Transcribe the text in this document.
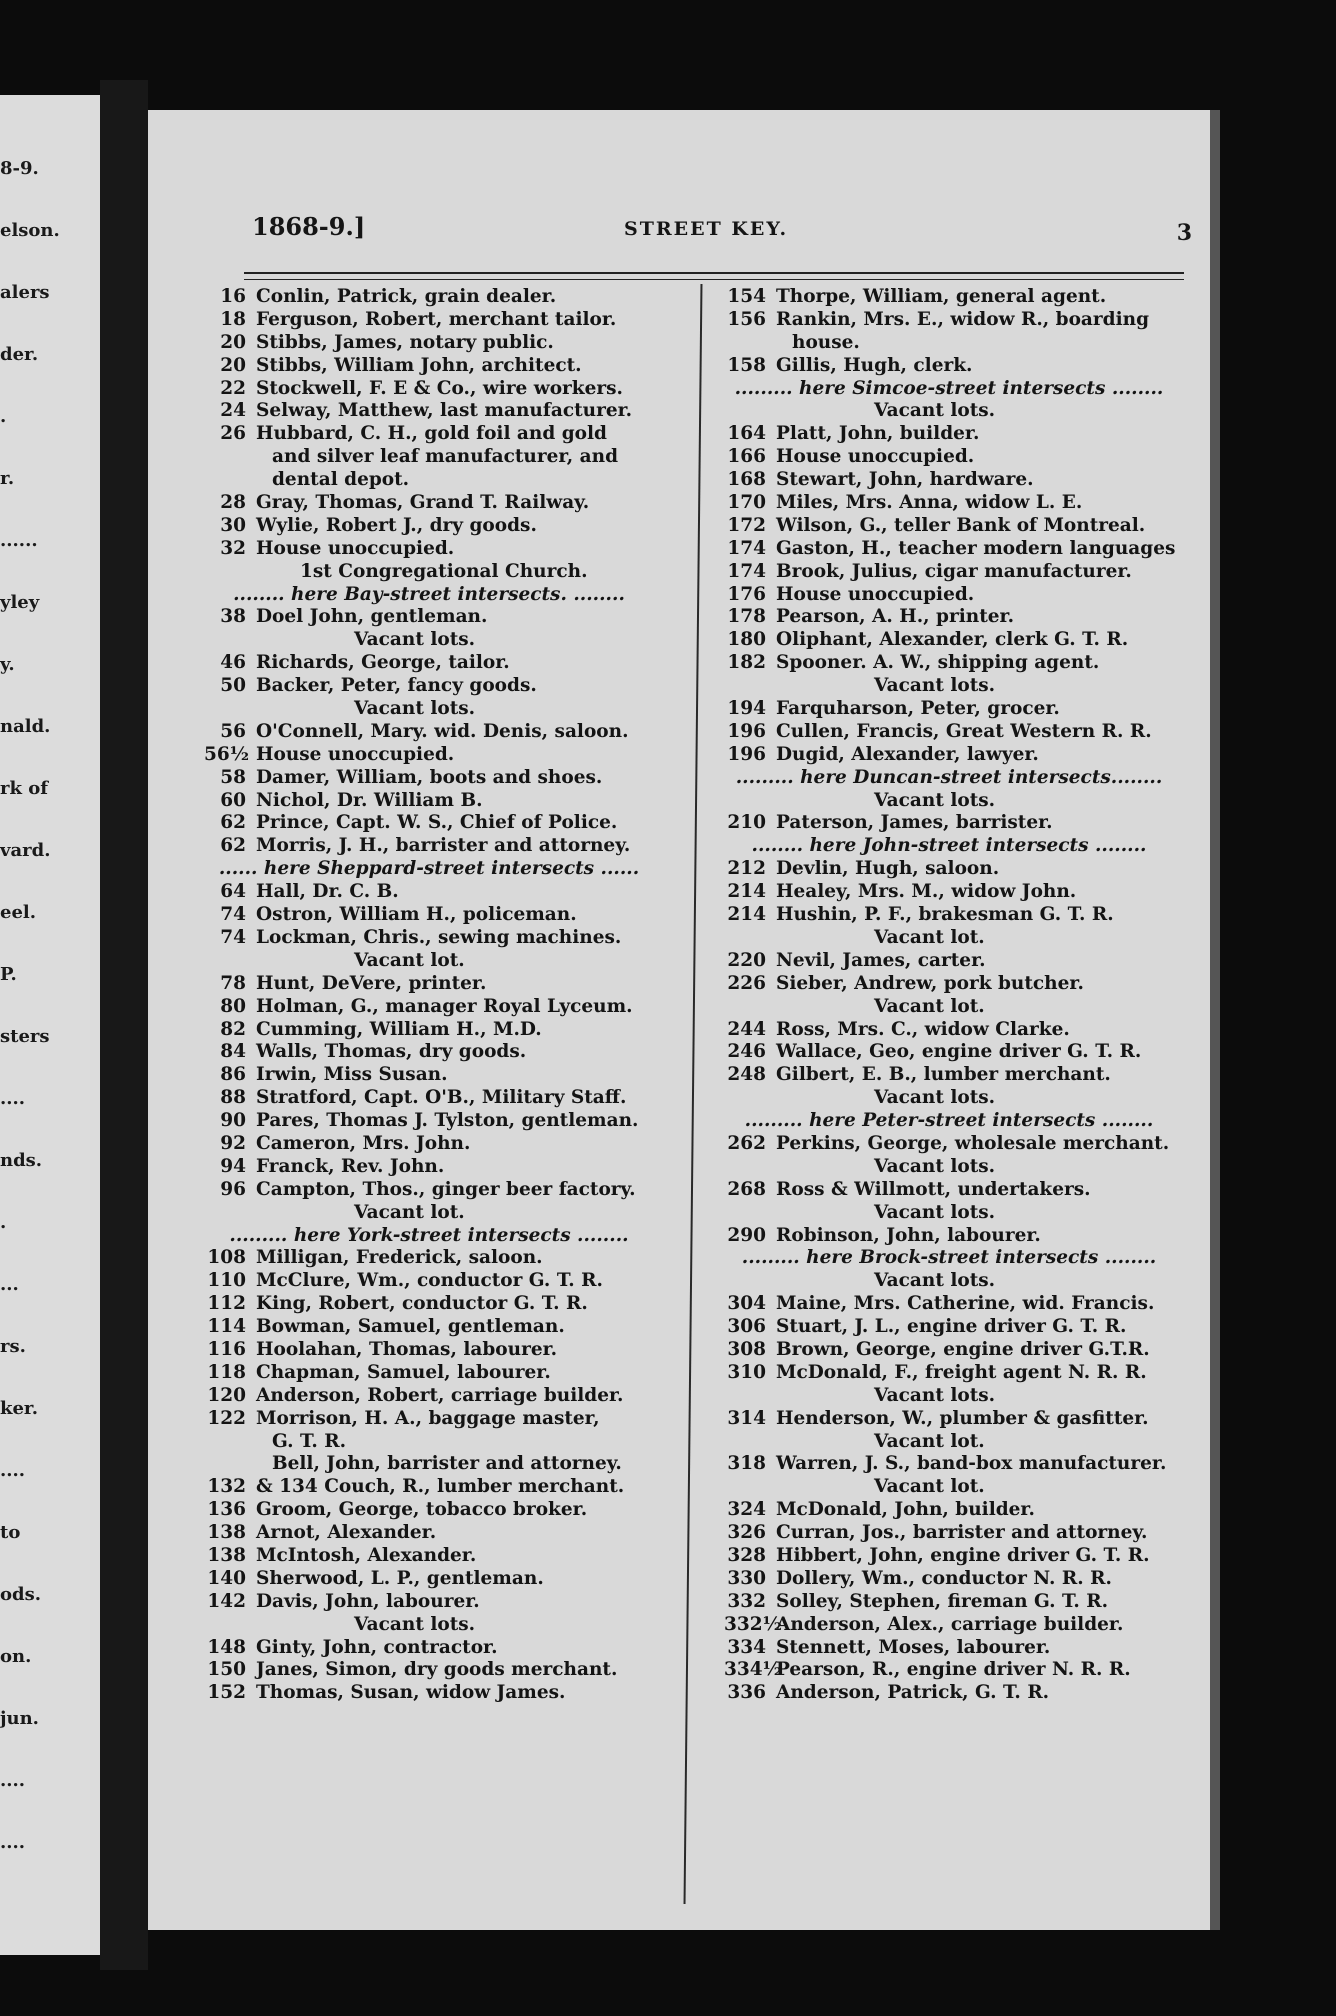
8-9.
elson.
alers
der.
.
r.
......
yley
y.
nald.
rk of
vard.
eel.
P.
sters
....
nds.
.
...
rs.
ker.
....
to
ods.
on.
jun.
....
....
1868-9.]	STREET KEY.	3
16 Conlin, Patrick, grain dealer.
18 Ferguson, Robert, merchant tailor.
20 Stibbs, James, notary public.
20 Stibbs, William John, architect.
22 Stockwell, F. E & Co., wire workers.
24 Selway, Matthew, last manufacturer.
26 Hubbard, C. H., gold foil and gold
and silver leaf manufacturer, and
dental depot.
28 Gray, Thomas, Grand T. Railway.
30 Wylie, Robert J., dry goods.
32 House unoccupied.
1st Congregational Church.
........ here Bay-street intersects. ........
38 Doel John, gentleman.
Vacant lots.
46 Richards, George, tailor.
50 Backer, Peter, fancy goods.
Vacant lots.
56 O'Connell, Mary. wid. Denis, saloon.
56½ House unoccupied.
58 Damer, William, boots and shoes.
60 Nichol, Dr. William B.
62 Prince, Capt. W. S., Chief of Police.
62 Morris, J. H., barrister and attorney.
...... here Sheppard-street intersects ......
64 Hall, Dr. C. B.
74 Ostron, William H., policeman.
74 Lockman, Chris., sewing machines.
Vacant lot.
78 Hunt, DeVere, printer.
80 Holman, G., manager Royal Lyceum.
82 Cumming, William H., M.D.
84 Walls, Thomas, dry goods.
86 Irwin, Miss Susan.
88 Stratford, Capt. O'B., Military Staff.
90 Pares, Thomas J. Tylston, gentleman.
92 Cameron, Mrs. John.
94 Franck, Rev. John.
96 Campton, Thos., ginger beer factory.
Vacant lot.
......... here York-street intersects ........
108 Milligan, Frederick, saloon.
110 McClure, Wm., conductor G. T. R.
112 King, Robert, conductor G. T. R.
114 Bowman, Samuel, gentleman.
116 Hoolahan, Thomas, labourer.
118 Chapman, Samuel, labourer.
120 Anderson, Robert, carriage builder.
122 Morrison, H. A., baggage master,
G. T. R.
Bell, John, barrister and attorney.
132 & 134 Couch, R., lumber merchant.
136 Groom, George, tobacco broker.
138 Arnot, Alexander.
138 McIntosh, Alexander.
140 Sherwood, L. P., gentleman.
142 Davis, John, labourer.
Vacant lots.
148 Ginty, John, contractor.
150 Janes, Simon, dry goods merchant.
152 Thomas, Susan, widow James.
154 Thorpe, William, general agent.
156 Rankin, Mrs. E., widow R., boarding
house.
158 Gillis, Hugh, clerk.
......... here Simcoe-street intersects ........
Vacant lots.
164 Platt, John, builder.
166 House unoccupied.
168 Stewart, John, hardware.
170 Miles, Mrs. Anna, widow L. E.
172 Wilson, G., teller Bank of Montreal.
174 Gaston, H., teacher modern languages
174 Brook, Julius, cigar manufacturer.
176 House unoccupied.
178 Pearson, A. H., printer.
180 Oliphant, Alexander, clerk G. T. R.
182 Spooner. A. W., shipping agent.
Vacant lots.
194 Farquharson, Peter, grocer.
196 Cullen, Francis, Great Western R. R.
196 Dugid, Alexander, lawyer.
......... here Duncan-street intersects........
Vacant lots.
210 Paterson, James, barrister.
........ here John-street intersects ........
212 Devlin, Hugh, saloon.
214 Healey, Mrs. M., widow John.
214 Hushin, P. F., brakesman G. T. R.
Vacant lot.
220 Nevil, James, carter.
226 Sieber, Andrew, pork butcher.
Vacant lot.
244 Ross, Mrs. C., widow Clarke.
246 Wallace, Geo, engine driver G. T. R.
248 Gilbert, E. B., lumber merchant.
Vacant lots.
......... here Peter-street intersects ........
262 Perkins, George, wholesale merchant.
Vacant lots.
268 Ross & Willmott, undertakers.
Vacant lots.
290 Robinson, John, labourer.
......... here Brock-street intersects ........
Vacant lots.
304 Maine, Mrs. Catherine, wid. Francis.
306 Stuart, J. L., engine driver G. T. R.
308 Brown, George, engine driver G.T.R.
310 McDonald, F., freight agent N. R. R.
Vacant lots.
314 Henderson, W., plumber & gasfitter.
Vacant lot.
318 Warren, J. S., band-box manufacturer.
Vacant lot.
324 McDonald, John, builder.
326 Curran, Jos., barrister and attorney.
328 Hibbert, John, engine driver G. T. R.
330 Dollery, Wm., conductor N. R. R.
332 Solley, Stephen, fireman G. T. R.
332½Anderson, Alex., carriage builder.
334 Stennett, Moses, labourer.
334½Pearson, R., engine driver N. R. R.
336 Anderson, Patrick, G. T. R.
